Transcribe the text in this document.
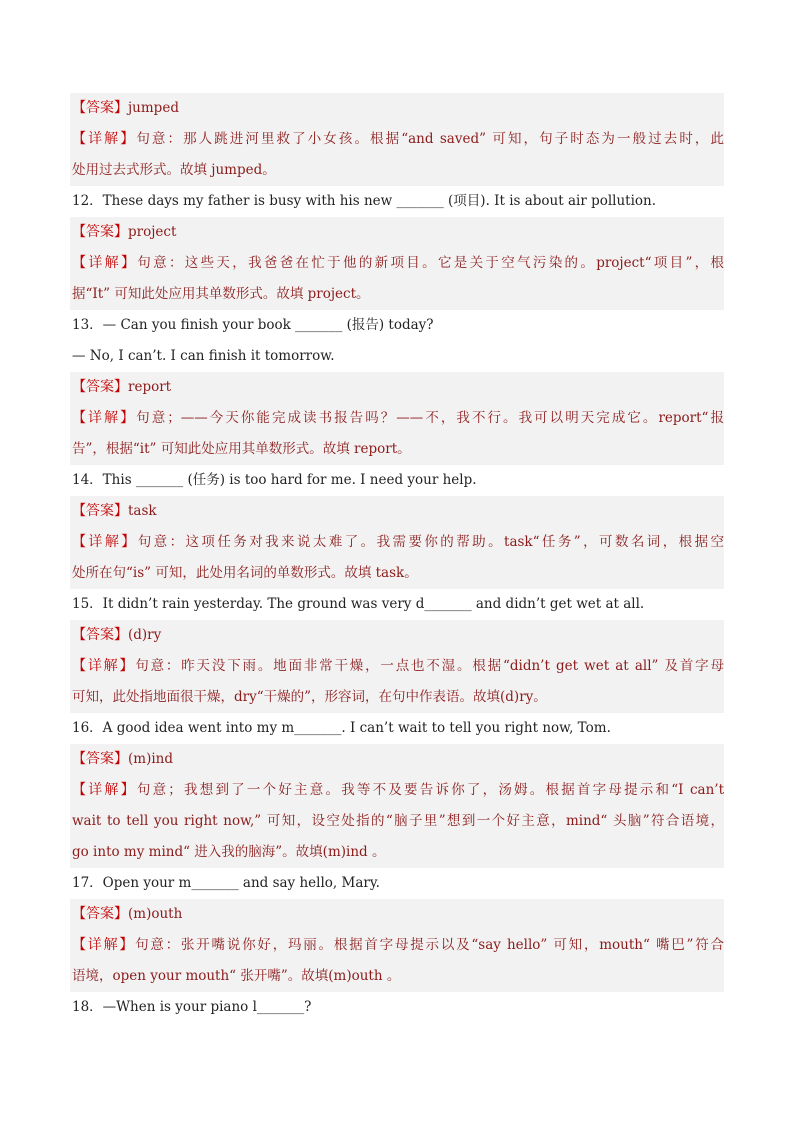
【答案】jumped
【详解】句意：那人跳进河里救了小女孩。根据“and saved” 可知，句子时态为一般过去时，此
处用过去式形式。故填 jumped。
12．These days my father is busy with his new _______ (项目). It is about air pollution.
【答案】project
【详解】句意：这些天，我爸爸在忙于他的新项目。它是关于空气污染的。project“项目”，根
据“It” 可知此处应用其单数形式。故填 project。
13．— Can you finish your book _______ (报告) today?
— No, I can’t. I can finish it tomorrow.
【答案】report
【详解】句意；——今天你能完成读书报告吗？——不，我不行。我可以明天完成它。report“报
告”，根据“it” 可知此处应用其单数形式。故填 report。
14．This _______ (任务) is too hard for me. I need your help.
【答案】task
【详解】句意：这项任务对我来说太难了。我需要你的帮助。task“任务”，可数名词，根据空
处所在句“is” 可知，此处用名词的单数形式。故填 task。
15．It didn’t rain yesterday. The ground was very d_______ and didn’t get wet at all.
【答案】(d)ry
【详解】句意：昨天没下雨。地面非常干燥，一点也不湿。根据“didn’t get wet at all” 及首字母
可知，此处指地面很干燥，dry“干燥的”，形容词，在句中作表语。故填(d)ry。
16．A good idea went into my m_______. I can’t wait to tell you right now, Tom.
【答案】(m)ind
【详解】句意；我想到了一个好主意。我等不及要告诉你了，汤姆。根据首字母提示和“I can’t
wait to tell you right now,” 可知，设空处指的“脑子里”想到一个好主意，mind“ 头脑”符合语境，
go into my mind“ 进入我的脑海”。故填(m)ind 。
17．Open your m_______ and say hello, Mary.
【答案】(m)outh
【详解】句意：张开嘴说你好，玛丽。根据首字母提示以及“say hello” 可知，mouth“ 嘴巴”符合
语境，open your mouth“ 张开嘴”。故填(m)outh 。
18．—When is your piano l_______?
